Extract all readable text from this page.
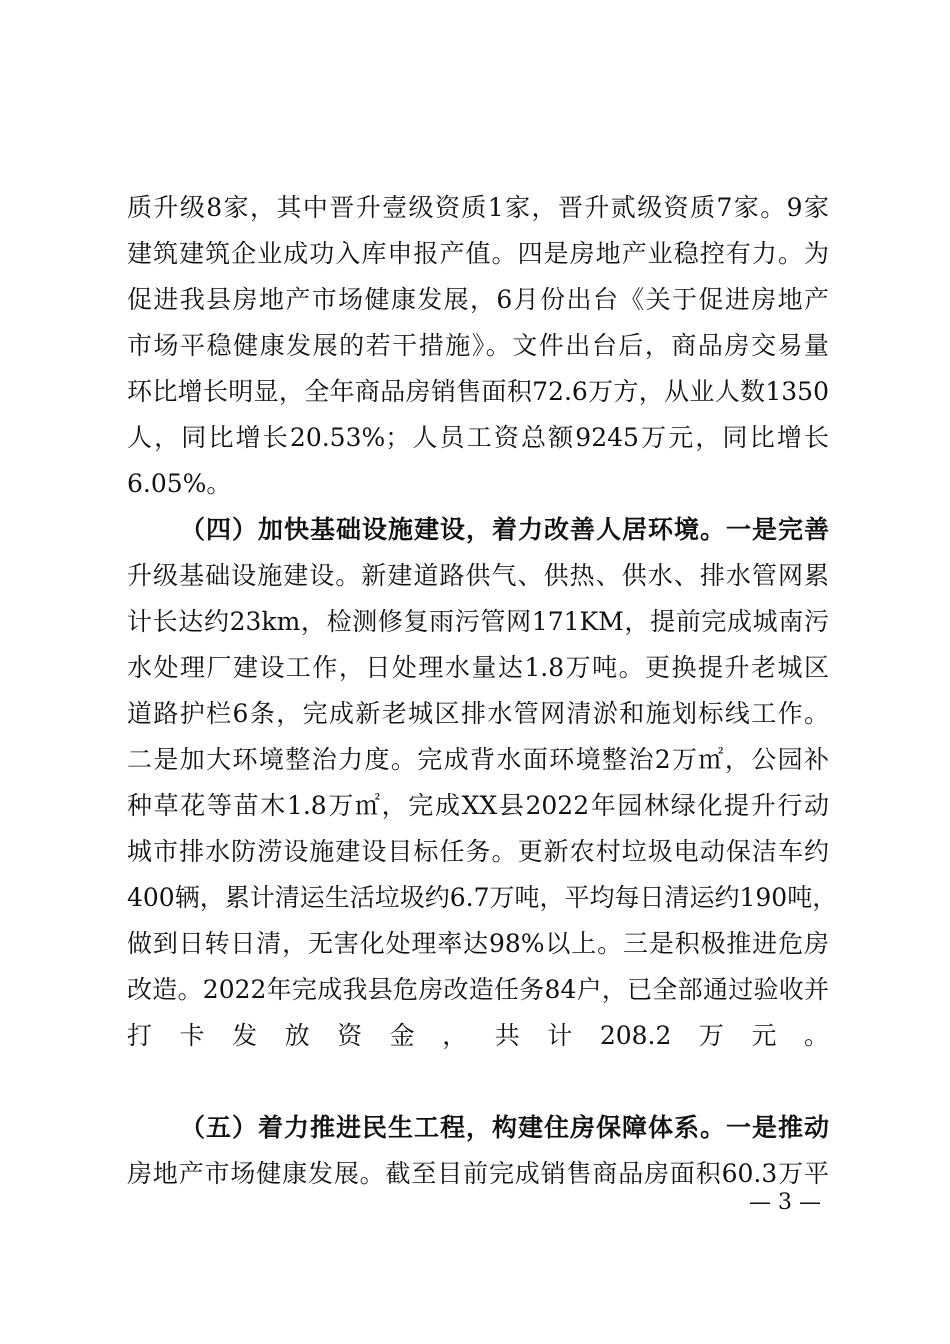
质升级8家，其中晋升壹级资质1家，晋升贰级资质7家。9家
建筑建筑企业成功入库申报产值。四是房地产业稳控有力。为
促进我县房地产市场健康发展，6月份出台《关于促进房地产
市场平稳健康发展的若干措施》。文件出台后，商品房交易量
环比增长明显，全年商品房销售面积72.6万方，从业人数1350
人，同比增长20.53%；人员工资总额9245万元，同比增长
6.05%。
（四）加快基础设施建设，着力改善人居环境。一是完善
升级基础设施建设。新建道路供气、供热、供水、排水管网累
计长达约23km，检测修复雨污管网171KM，提前完成城南污
水处理厂建设工作，日处理水量达1.8万吨。更换提升老城区
道路护栏6条，完成新老城区排水管网清淤和施划标线工作。
二是加大环境整治力度。完成背水面环境整治2万㎡，公园补
种草花等苗木1.8万㎡，完成XX县2022年园林绿化提升行动
城市排水防涝设施建设目标任务。更新农村垃圾电动保洁车约
400辆，累计清运生活垃圾约6.7万吨，平均每日清运约190吨，
做到日转日清，无害化处理率达98%以上。三是积极推进危房
改造。2022年完成我县危房改造任务84户，已全部通过验收并
打卡发放资金，共计208.2万元。
（五）着力推进民生工程，构建住房保障体系。一是推动
房地产市场健康发展。截至目前完成销售商品房面积60.3万平
— 3 —
